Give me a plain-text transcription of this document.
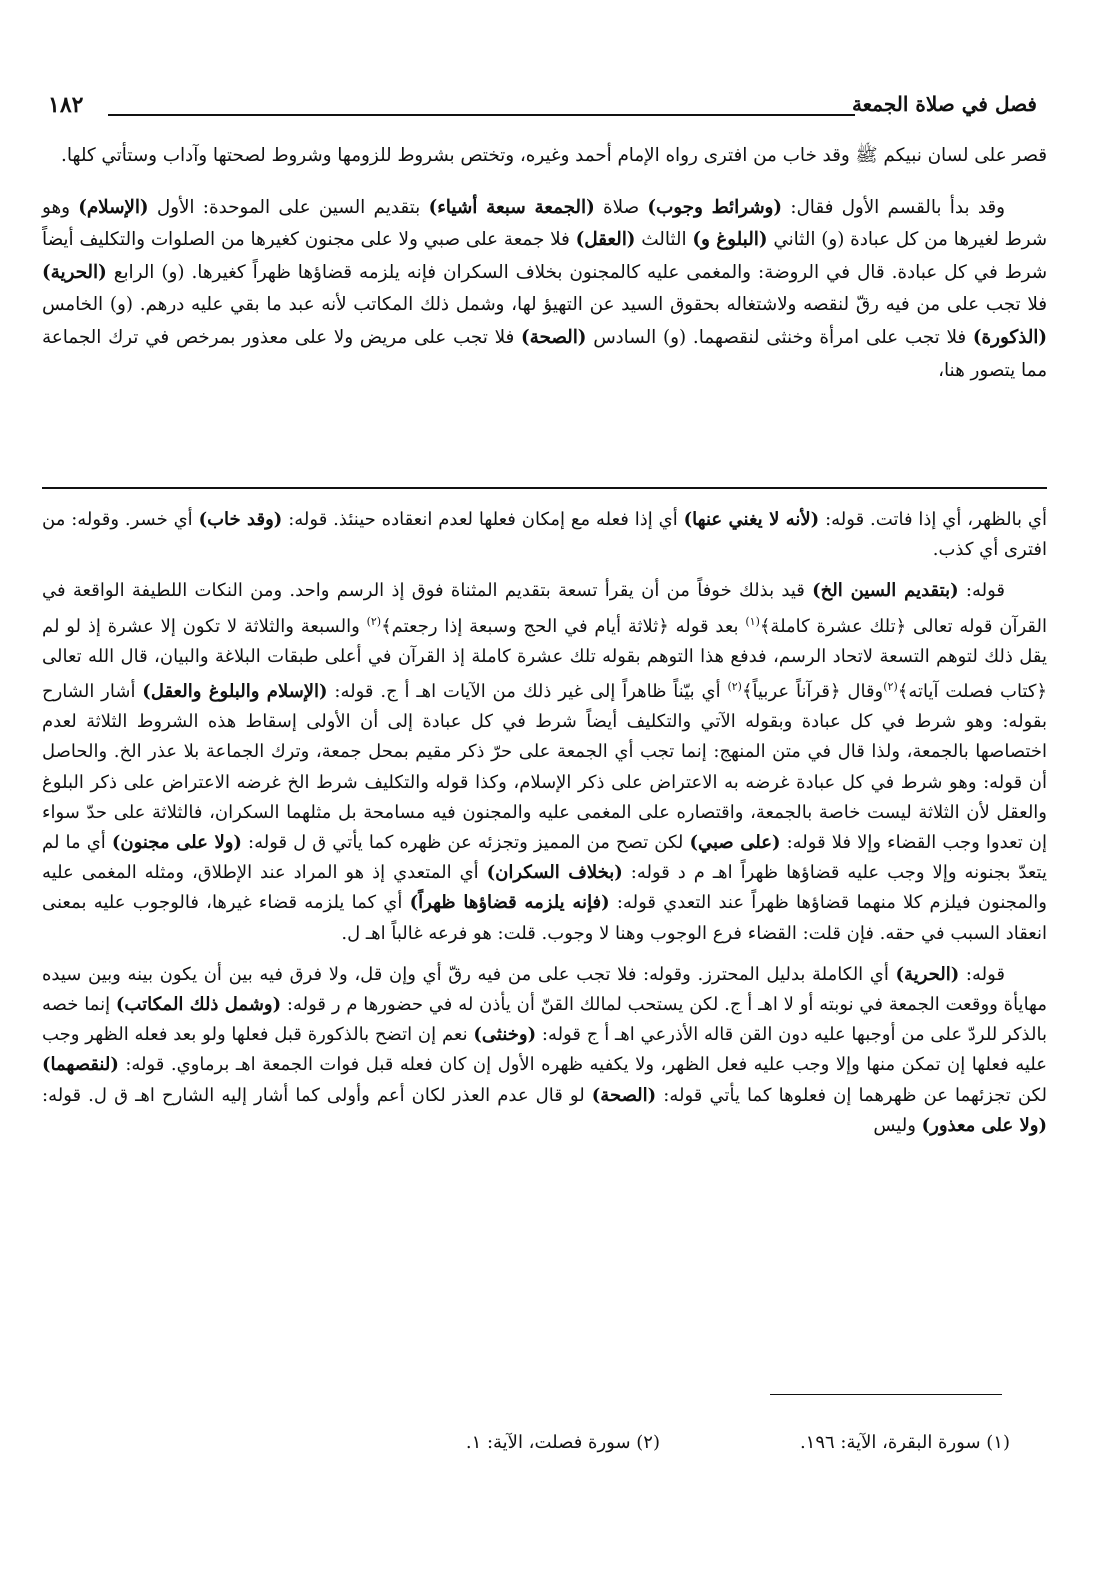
١٨٢	فصل في صلاة الجمعة

قصر على لسان نبيكم ﷺ وقد خاب من افترى رواه الإمام أحمد وغيره، وتختص بشروط للزومها وشروط لصحتها وآداب وستأتي كلها.

وقد بدأ بالقسم الأول فقال: (وشرائط وجوب) صلاة (الجمعة سبعة أشياء) بتقديم السين على الموحدة: الأول (الإسلام) وهو شرط لغيرها من كل عبادة (و) الثاني (البلوغ و) الثالث (العقل) فلا جمعة على صبي ولا على مجنون كغيرها من الصلوات والتكليف أيضاً شرط في كل عبادة. قال في الروضة: والمغمى عليه كالمجنون بخلاف السكران فإنه يلزمه قضاؤها ظهراً كغيرها. (و) الرابع (الحرية) فلا تجب على من فيه رقّ لنقصه ولاشتغاله بحقوق السيد عن التهيؤ لها، وشمل ذلك المكاتب لأنه عبد ما بقي عليه درهم. (و) الخامس (الذكورة) فلا تجب على امرأة وخنثى لنقصهما. (و) السادس (الصحة) فلا تجب على مريض ولا على معذور بمرخص في ترك الجماعة مما يتصور هنا،

أي بالظهر، أي إذا فاتت. قوله: (لأنه لا يغني عنها) أي إذا فعله مع إمكان فعلها لعدم انعقاده حينئذ. قوله: (وقد خاب) أي خسر. وقوله: من افترى أي كذب.

قوله: (بتقديم السين الخ) قيد بذلك خوفاً من أن يقرأ تسعة بتقديم المثناة فوق إذ الرسم واحد. ومن النكات اللطيفة الواقعة في القرآن قوله تعالى ﴿تلك عشرة كاملة﴾$^{(١)}$ بعد قوله ﴿ثلاثة أيام في الحج وسبعة إذا رجعتم﴾$^{(٢)}$ والسبعة والثلاثة لا تكون إلا عشرة إذ لو لم يقل ذلك لتوهم التسعة لاتحاد الرسم، فدفع هذا التوهم بقوله تلك عشرة كاملة إذ القرآن في أعلى طبقات البلاغة والبيان، قال الله تعالى ﴿كتاب فصلت آياته﴾$^{(٢)}$وقال ﴿قرآناً عربياً﴾$^{(٢)}$ أي بيّناً ظاهراً إلى غير ذلك من الآيات اهـ أ ج. قوله: (الإسلام والبلوغ والعقل) أشار الشارح بقوله: وهو شرط في كل عبادة وبقوله الآتي والتكليف أيضاً شرط في كل عبادة إلى أن الأولى إسقاط هذه الشروط الثلاثة لعدم اختصاصها بالجمعة، ولذا قال في متن المنهج: إنما تجب أي الجمعة على حرّ ذكر مقيم بمحل جمعة، وترك الجماعة بلا عذر الخ. والحاصل أن قوله: وهو شرط في كل عبادة غرضه به الاعتراض على ذكر الإسلام، وكذا قوله والتكليف شرط الخ غرضه الاعتراض على ذكر البلوغ والعقل لأن الثلاثة ليست خاصة بالجمعة، واقتصاره على المغمى عليه والمجنون فيه مسامحة بل مثلهما السكران، فالثلاثة على حدّ سواء إن تعدوا وجب القضاء وإلا فلا قوله: (على صبي) لكن تصح من المميز وتجزئه عن ظهره كما يأتي ق ل قوله: (ولا على مجنون) أي ما لم يتعدّ بجنونه وإلا وجب عليه قضاؤها ظهراً اهـ م د قوله: (بخلاف السكران) أي المتعدي إذ هو المراد عند الإطلاق، ومثله المغمى عليه والمجنون فيلزم كلا منهما قضاؤها ظهراً عند التعدي قوله: (فإنه يلزمه قضاؤها ظهراً) أي كما يلزمه قضاء غيرها، فالوجوب عليه بمعنى انعقاد السبب في حقه. فإن قلت: القضاء فرع الوجوب وهنا لا وجوب. قلت: هو فرعه غالباً اهـ ل.

قوله: (الحرية) أي الكاملة بدليل المحترز. وقوله: فلا تجب على من فيه رقّ أي وإن قل، ولا فرق فيه بين أن يكون بينه وبين سيده مهايأة ووقعت الجمعة في نوبته أو لا اهـ أ ج. لكن يستحب لمالك القنّ أن يأذن له في حضورها م ر قوله: (وشمل ذلك المكاتب) إنما خصه بالذكر للردّ على من أوجبها عليه دون القن قاله الأذرعي اهـ أ ج قوله: (وخنثى) نعم إن اتضح بالذكورة قبل فعلها ولو بعد فعله الظهر وجب عليه فعلها إن تمكن منها وإلا وجب عليه فعل الظهر، ولا يكفيه ظهره الأول إن كان فعله قبل فوات الجمعة اهـ برماوي. قوله: (لنقصهما) لكن تجزئهما عن ظهرهما إن فعلوها كما يأتي قوله: (الصحة) لو قال عدم العذر لكان أعم وأولى كما أشار إليه الشارح اهـ ق ل. قوله: (ولا على معذور) وليس

(١) سورة البقرة، الآية: ١٩٦.
(٢) سورة فصلت، الآية: ١.
